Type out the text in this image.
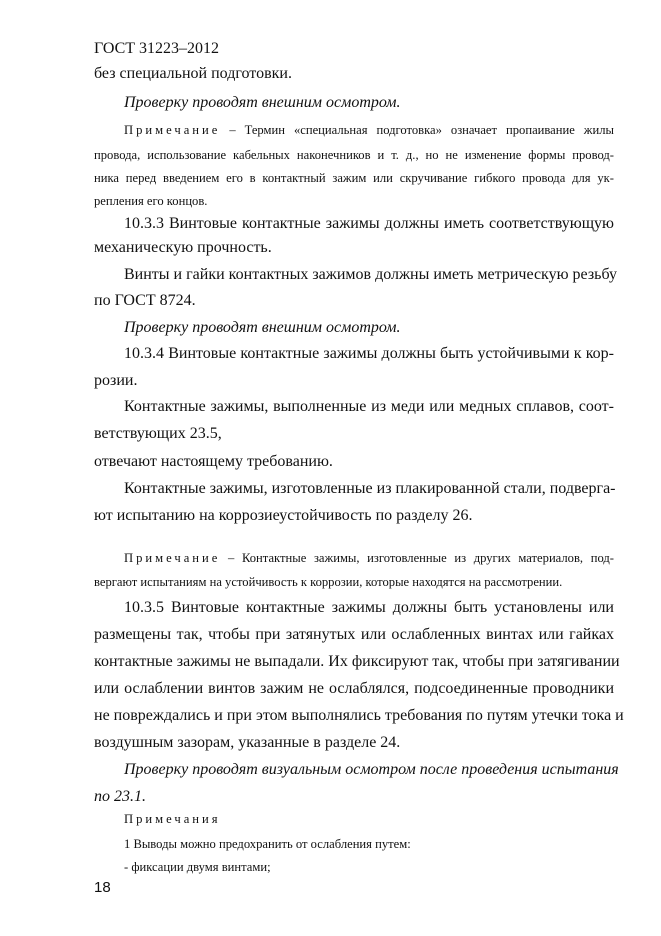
ГОСТ 31223–2012
без специальной подготовки.
Проверку проводят внешним осмотром.
Примечание – Термин «специальная подготовка» означает пропаивание жилы
провода, использование кабельных наконечников и т. д., но не изменение формы провод-
ника перед введением его в контактный зажим или скручивание гибкого провода для ук-
репления его концов.
10.3.3 Винтовые контактные зажимы должны иметь соответствующую
механическую прочность.
Винты и гайки контактных зажимов должны иметь метрическую резьбу
по ГОСТ 8724.
Проверку проводят внешним осмотром.
10.3.4 Винтовые контактные зажимы должны быть устойчивыми к кор-
розии.
Контактные зажимы, выполненные из меди или медных сплавов, соот-
ветствующих 23.5,
отвечают настоящему требованию.
Контактные зажимы, изготовленные из плакированной стали, подверга-
ют испытанию на коррозиеустойчивость по разделу 26.
Примечание – Контактные зажимы, изготовленные из других материалов, под-
вергают испытаниям на устойчивость к коррозии, которые находятся на рассмотрении.
10.3.5 Винтовые контактные зажимы должны быть установлены или
размещены так, чтобы при затянутых или ослабленных винтах или гайках
контактные зажимы не выпадали. Их фиксируют так, чтобы при затягивании
или ослаблении винтов зажим не ослаблялся, подсоединенные проводники
не повреждались и при этом выполнялись требования по путям утечки тока и
воздушным зазорам, указанные в разделе 24.
Проверку проводят визуальным осмотром после проведения испытания
по 23.1.
Примечания
1 Выводы можно предохранить от ослабления путем:
- фиксации двумя винтами;
18
